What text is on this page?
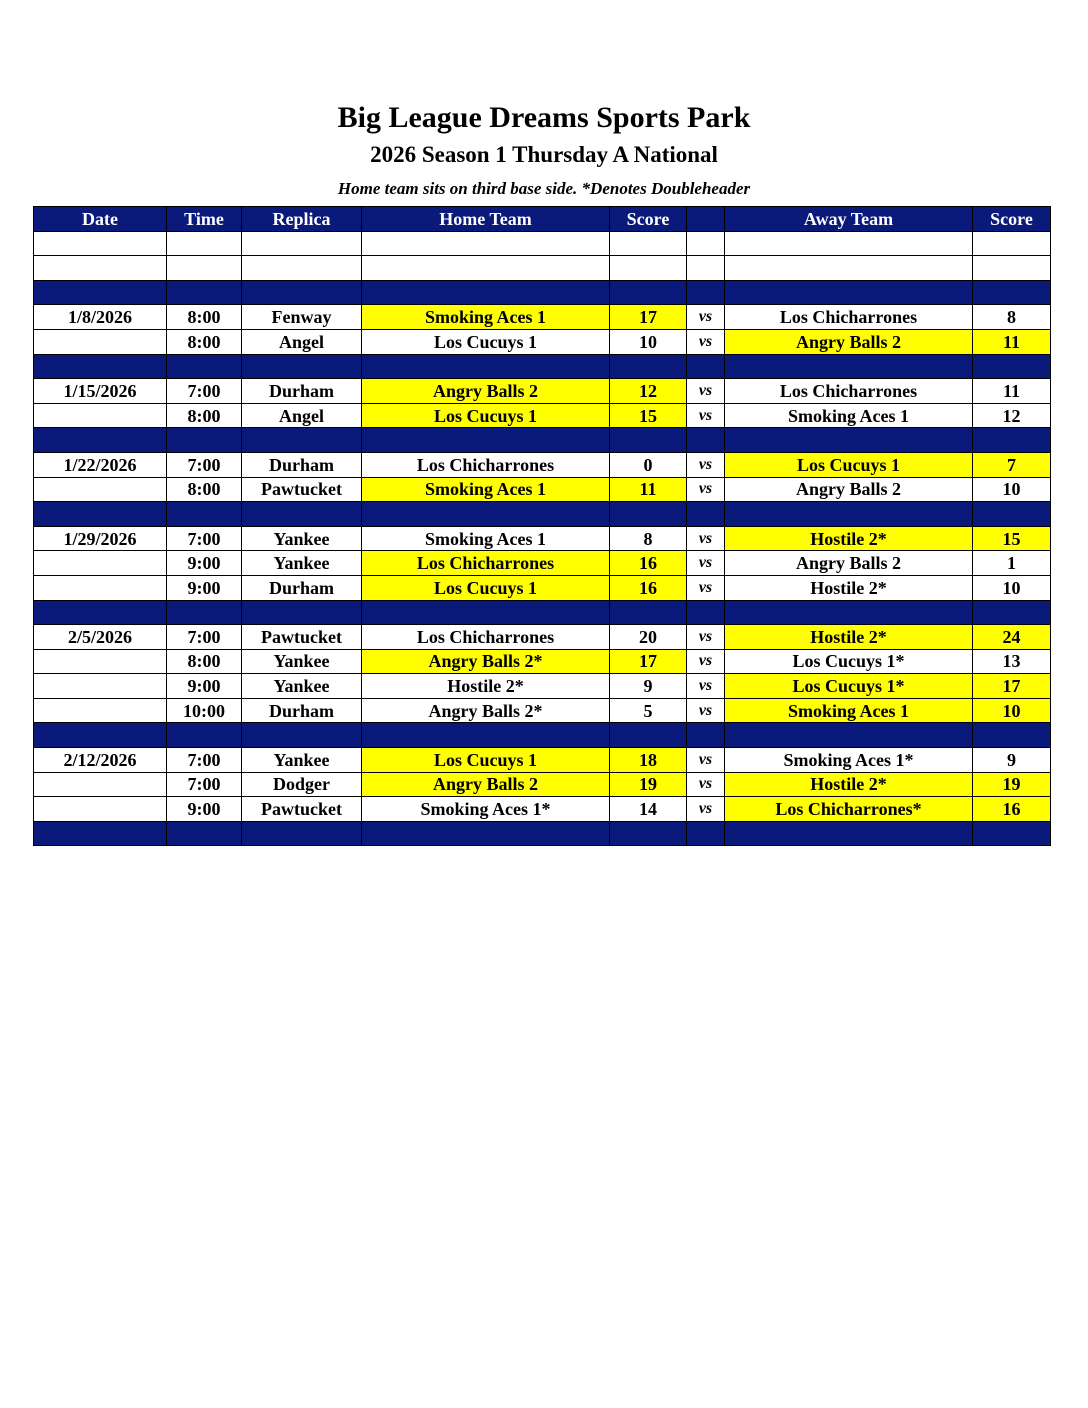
Big League Dreams Sports Park
2026 Season 1 Thursday A National
Home team sits on third base side. *Denotes Doubleheader
Date	Time	Replica	Home Team	Score		Away Team	Score

1/8/2026	8:00	Fenway	Smoking Aces 1	17	vs	Los Chicharrones	8
	8:00	Angel	Los Cucuys 1	10	vs	Angry Balls 2	11

1/15/2026	7:00	Durham	Angry Balls 2	12	vs	Los Chicharrones	11
	8:00	Angel	Los Cucuys 1	15	vs	Smoking Aces 1	12

1/22/2026	7:00	Durham	Los Chicharrones	0	vs	Los Cucuys 1	7
	8:00	Pawtucket	Smoking Aces 1	11	vs	Angry Balls 2	10

1/29/2026	7:00	Yankee	Smoking Aces 1	8	vs	Hostile 2*	15
	9:00	Yankee	Los Chicharrones	16	vs	Angry Balls 2	1
	9:00	Durham	Los Cucuys 1	16	vs	Hostile 2*	10

2/5/2026	7:00	Pawtucket	Los Chicharrones	20	vs	Hostile 2*	24
	8:00	Yankee	Angry Balls 2*	17	vs	Los Cucuys 1*	13
	9:00	Yankee	Hostile 2*	9	vs	Los Cucuys 1*	17
	10:00	Durham	Angry Balls 2*	5	vs	Smoking Aces 1	10

2/12/2026	7:00	Yankee	Los Cucuys 1	18	vs	Smoking Aces 1*	9
	7:00	Dodger	Angry Balls 2	19	vs	Hostile 2*	19
	9:00	Pawtucket	Smoking Aces 1*	14	vs	Los Chicharrones*	16
